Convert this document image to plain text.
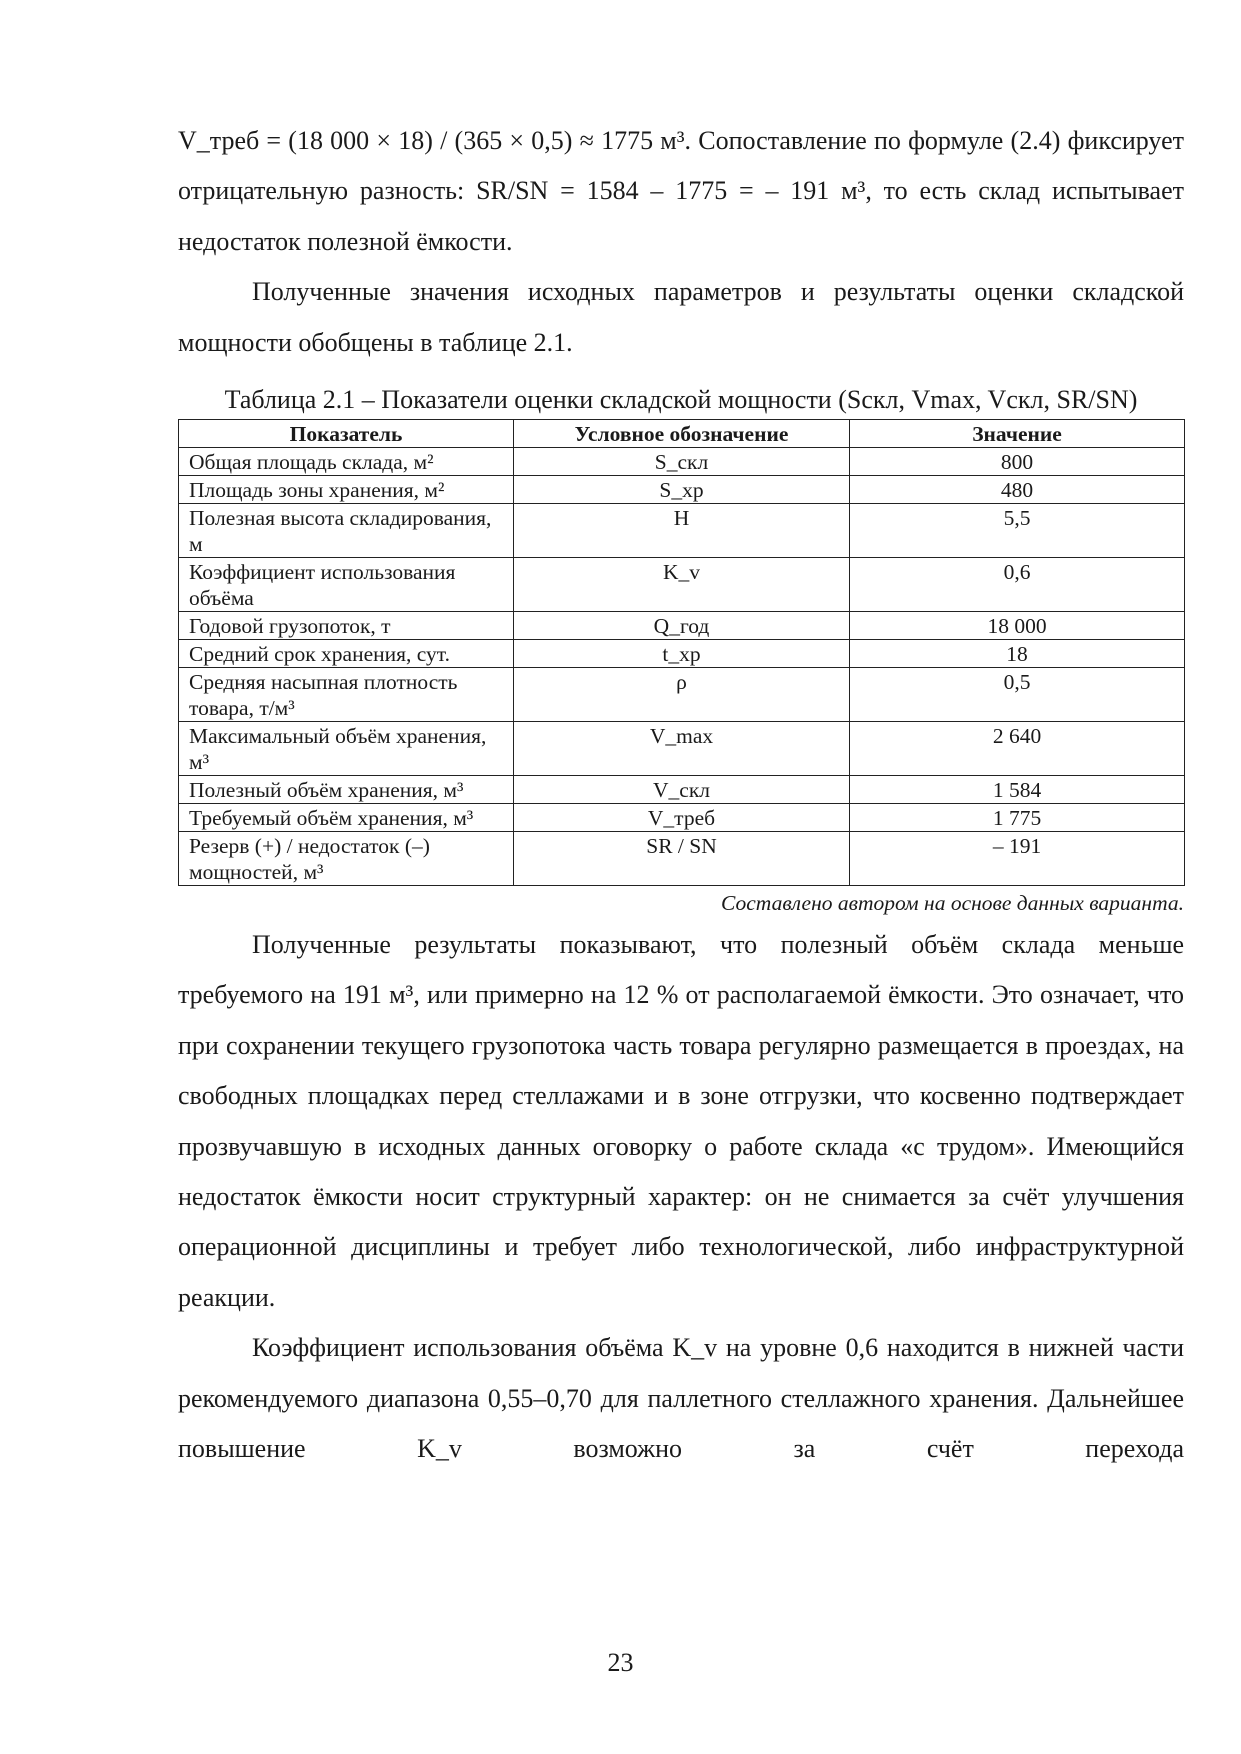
V_треб = (18 000 × 18) / (365 × 0,5) ≈ 1775 м³. Сопоставление по формуле (2.4) фиксирует отрицательную разность: SR/SN = 1584 – 1775 = – 191 м³, то есть склад испытывает недостаток полезной ёмкости.

Полученные значения исходных параметров и результаты оценки складской мощности обобщены в таблице 2.1.

Таблица 2.1 – Показатели оценки складской мощности (Sскл, Vmax, Vскл, SR/SN)
Показатель	Условное обозначение	Значение
Общая площадь склада, м²	S_скл	800
Площадь зоны хранения, м²	S_хр	480
Полезная высота складирования, м	H	5,5
Коэффициент использования объёма	K_v	0,6
Годовой грузопоток, т	Q_год	18 000
Средний срок хранения, сут.	t_хр	18
Средняя насыпная плотность товара, т/м³	ρ	0,5
Максимальный объём хранения, м³	V_max	2 640
Полезный объём хранения, м³	V_скл	1 584
Требуемый объём хранения, м³	V_треб	1 775
Резерв (+) / недостаток (–) мощностей, м³	SR / SN	– 191
Составлено автором на основе данных варианта.

Полученные результаты показывают, что полезный объём склада меньше требуемого на 191 м³, или примерно на 12 % от располагаемой ёмкости. Это означает, что при сохранении текущего грузопотока часть товара регулярно размещается в проездах, на свободных площадках перед стеллажами и в зоне отгрузки, что косвенно подтверждает прозвучавшую в исходных данных оговорку о работе склада «с трудом». Имеющийся недостаток ёмкости носит структурный характер: он не снимается за счёт улучшения операционной дисциплины и требует либо технологической, либо инфраструктурной реакции.

Коэффициент использования объёма K_v на уровне 0,6 находится в нижней части рекомендуемого диапазона 0,55–0,70 для паллетного стеллажного хранения. Дальнейшее повышение K_v возможно за счёт перехода

23
